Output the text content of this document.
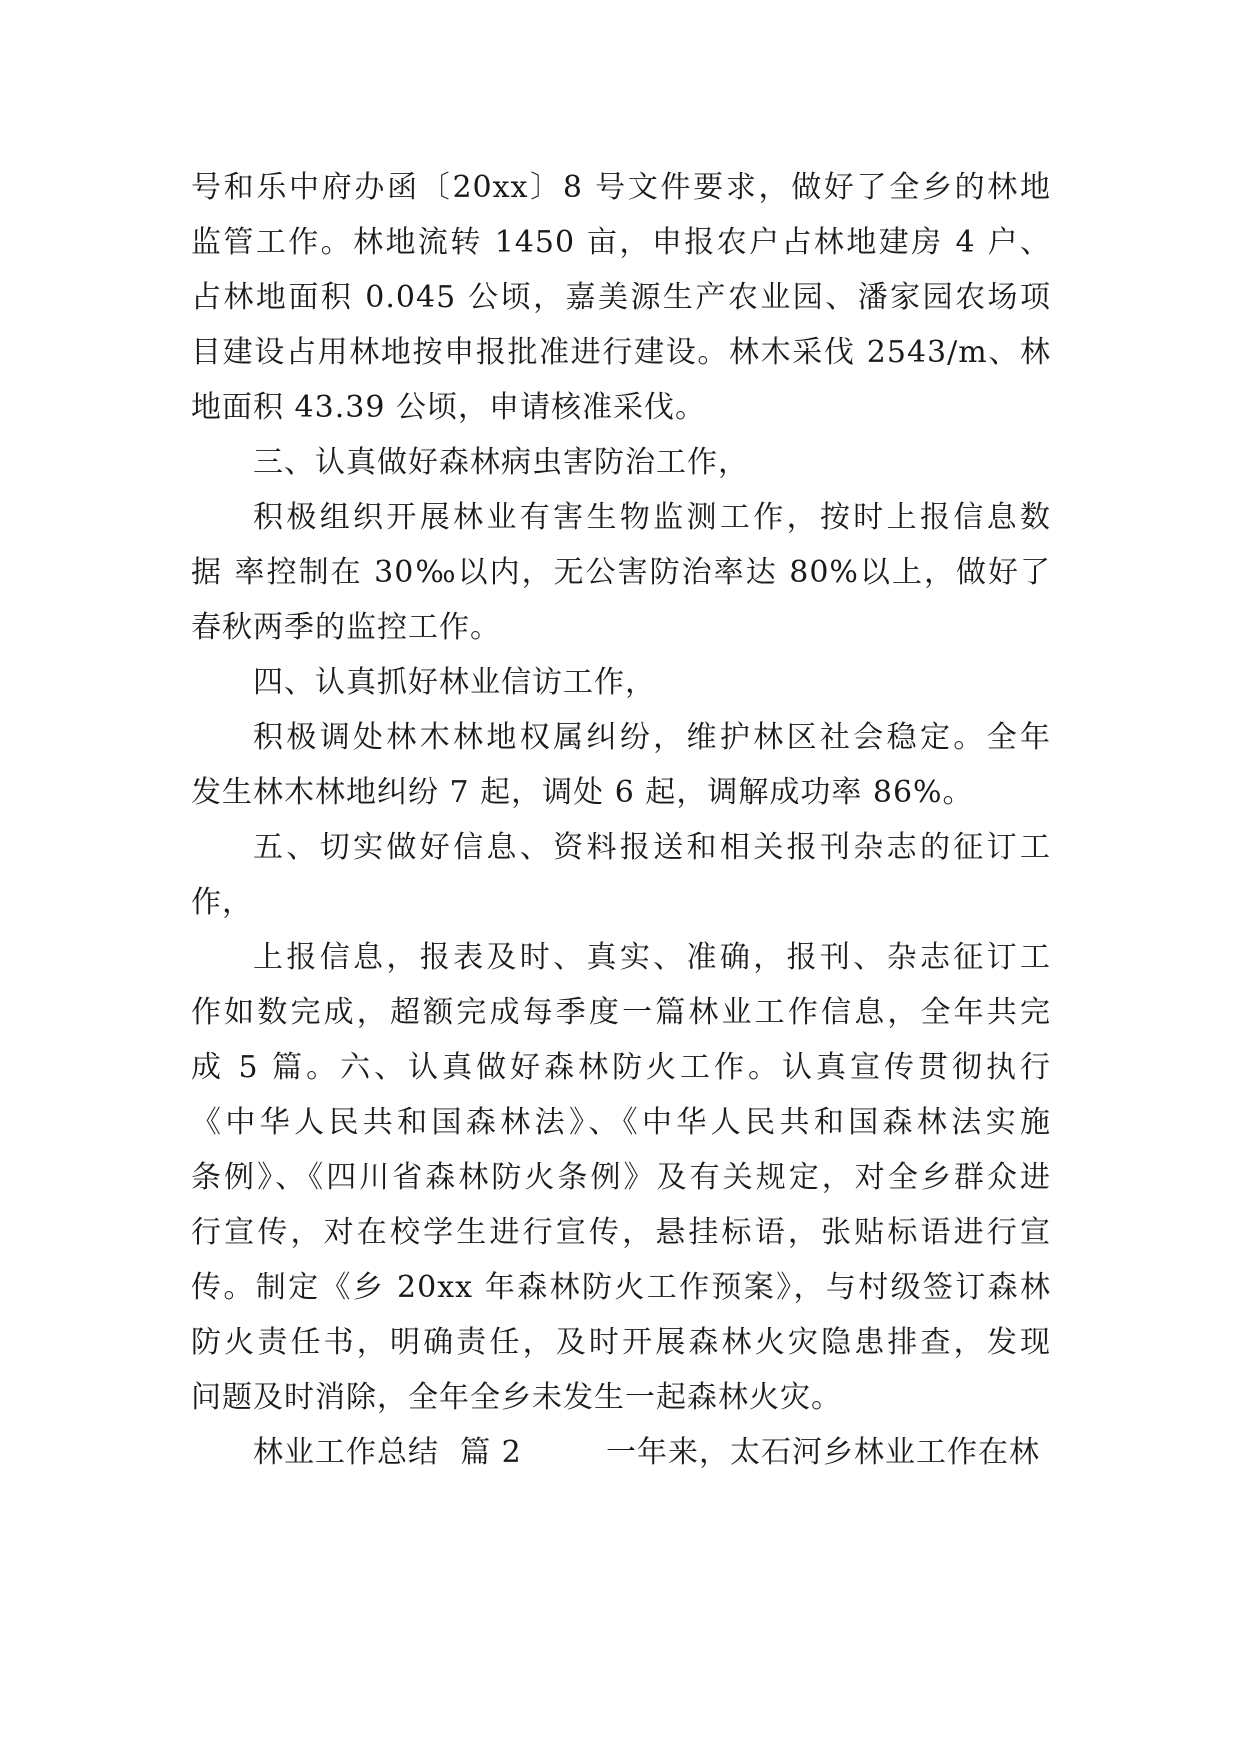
号和乐中府办函〔20xx〕8 号文件要求，做好了全乡的林地
监管工作。林地流转 1450 亩，申报农户占林地建房 4 户、
占林地面积 0.045 公顷，嘉美源生产农业园、潘家园农场项
目建设占用林地按申报批准进行建设。林木采伐 2543/m、林
地面积 43.39 公顷，申请核准采伐。
三、认真做好森林病虫害防治工作，
积极组织开展林业有害生物监测工作，按时上报信息数
据 率控制在 30‰以内，无公害防治率达 80%以上，做好了
春秋两季的监控工作。
四、认真抓好林业信访工作，
积极调处林木林地权属纠纷，维护林区社会稳定。全年
发生林木林地纠纷 7 起，调处 6 起，调解成功率 86%。
五、切实做好信息、资料报送和相关报刊杂志的征订工
作，
上报信息，报表及时、真实、准确，报刊、杂志征订工
作如数完成，超额完成每季度一篇林业工作信息，全年共完
成 5 篇。六、认真做好森林防火工作。认真宣传贯彻执行
《中华人民共和国森林法》、《中华人民共和国森林法实施
条例》、《四川省森林防火条例》及有关规定，对全乡群众进
行宣传，对在校学生进行宣传，悬挂标语，张贴标语进行宣
传。制定《乡 20xx 年森林防火工作预案》，与村级签订森林
防火责任书，明确责任，及时开展森林火灾隐患排查，发现
问题及时消除，全年全乡未发生一起森林火灾。
林业工作总结  篇 2        一年来，太石河乡林业工作在林
